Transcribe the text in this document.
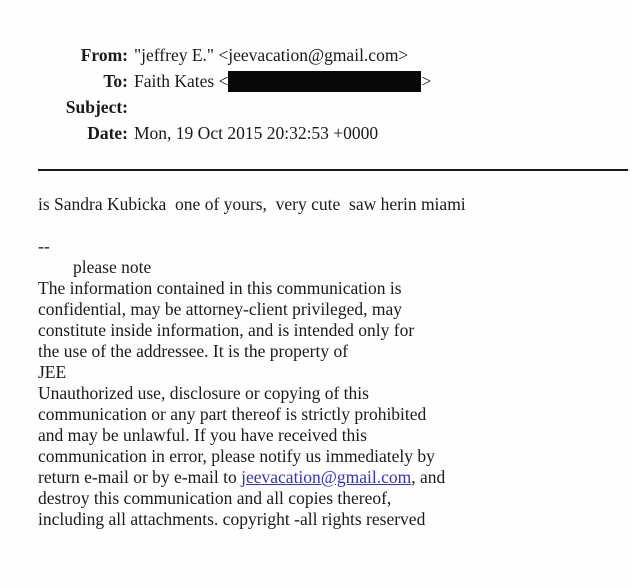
From: "jeffrey E." <jeevacation@gmail.com>
To: Faith Kates <	>
Subject:
Date: Mon, 19 Oct 2015 20:32:53 +0000
is Sandra Kubicka  one of yours,  very cute  saw herin miami
--
please note
The information contained in this communication is
confidential, may be attorney-client privileged, may
constitute inside information, and is intended only for
the use of the addressee. It is the property of
JEE
Unauthorized use, disclosure or copying of this
communication or any part thereof is strictly prohibited
and may be unlawful. If you have received this
communication in error, please notify us immediately by
return e-mail or by e-mail to jeevacation@gmail.com, and
destroy this communication and all copies thereof,
including all attachments. copyright -all rights reserved
